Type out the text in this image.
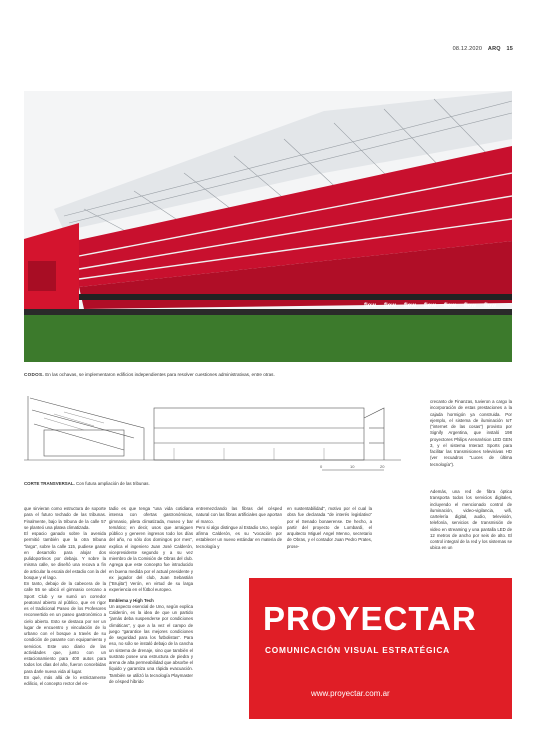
08.12.2020 ARQ 15
flow flow flow flow flow flow flow
CODOS. En las ochavas, se implementaron edificios independientes para resolver cuestiones administrativas, entre otras.
0	10	20
CORTE TRANSVERSAL. Con futura ampliación de las tribunas.

crecanto de Finanzas, tuvieron a cargo la incorporación de estas prestaciones a la cajada hormigón ya construida. Por ejemplo, el sistema de iluminación IoT (“internet de las cosas”) provisto por Signify Argentina, que instaló 198 proyectores Philips ArenaVision LED GEN 3, y el sistema Interact Sports para facilitar las transmisiones televisivas HD (ver recuadros “Luces de última tecnología”).

Además, una red de fibra óptica transporta todos los servicios digitales, incluyendo el mencionado control de iluminación, video-vigilancia, wifi, cartelería digital, audio, televisión, telefonía, servicios de transmisión de video en streaming y una pantalla LED de 12 metros de ancho por seis de alto. El control integral de la red y los sistemas se ubica en un

que sirvieran como estructura de soporte para el futuro techado de las tribunas. Finalmente, bajo la tribuna de la calle 57 se planteó una platea climatizada.
El espacio ganado sobre la avenida permitió también que la otra tribuna “larga”, sobre la calle 115, pudiese ganar en desarrollo para alojar dos pulidoportivos por debajo. Y sobre la misma calle, se diseñó una recova a fin de articular la escala del estadio con la del bosque y el lago.
En tanto, debajo de la cabecera de la calle 55 se ubicó el gimnasio cercano a Sport Club y se sumó un corredor peatonal abierto al público, que en rigor es el tradicional Paseo de los Profesores reconvertido en un paseo gastronómico a cielo abierto. Esto se destaca por ser un lugar de encuentro y vinculación de lo urbano con el bosque a través de su condición de pasante con equipamiento y servicios. Este uso diario de las actividades que, junto con un estacionamiento para 400 autos para todos los días del año, fueron concebidas para darle nueva vida al lugar.
En qué, más allá de lo estrictamente edilicio, el concepto rector del es-

tadio es que tenga “una vida cotidiana intensa con ofertas gastronómicas, gimnasio, pileta climatizada, museo y bar temático; en decir, usos que arraiguen público y generen ingresos todo los días del año, no sólo dos domingos por mes”, explica el ingeniero Juan José Calderón, vicepresidente segundo y a su vez miembro de la Comisión de Obras del club. Agrega que este concepto fue introducido en buena medida por el actual presidente y ex jugador del club, Juan Sebastián (“Brujita”) Verón, en virtud de su larga experiencia en el fútbol europeo.

Emblema y High Tech

Un aspecto esencial de Uno, según explica Calderón, es la idea de que un partido “jamás deba suspenderse por condiciones climáticas”, y que a la vez el campo de juego “garantice las mejores condiciones de seguridad para los futbolistas”. Para eso, no sólo se instaló debajo de la cancha un sistema de drenaje, sino que también el sustrato posee una estructura de piedra y arena de alta permeabilidad que absorbe el líquido y garantiza una rápida evacuación. También se utilizó la tecnología Playmaster de césped híbrido

entremezclando las fibras del césped natural con las fibras artificiales que aportan el marco.
Pero si algo distingue al Estadio Uno, según afirma Calderón, es su “vocación por establecer un nuevo estándar en materia de tecnología y

en sustentabilidad”, motivo por el cual la obra fue declarada “de interés legislativo” por el Senado bonaerense. De hecho, a partir del proyecto de Lombardi, el arquitecto Miguel Angel Menno, secretario de Obras, y el contador Juan Pedro Prates, prose-

PROYECTAR
COMUNICACIÓN VISUAL ESTRATÉGICA
www.proyectar.com.ar
